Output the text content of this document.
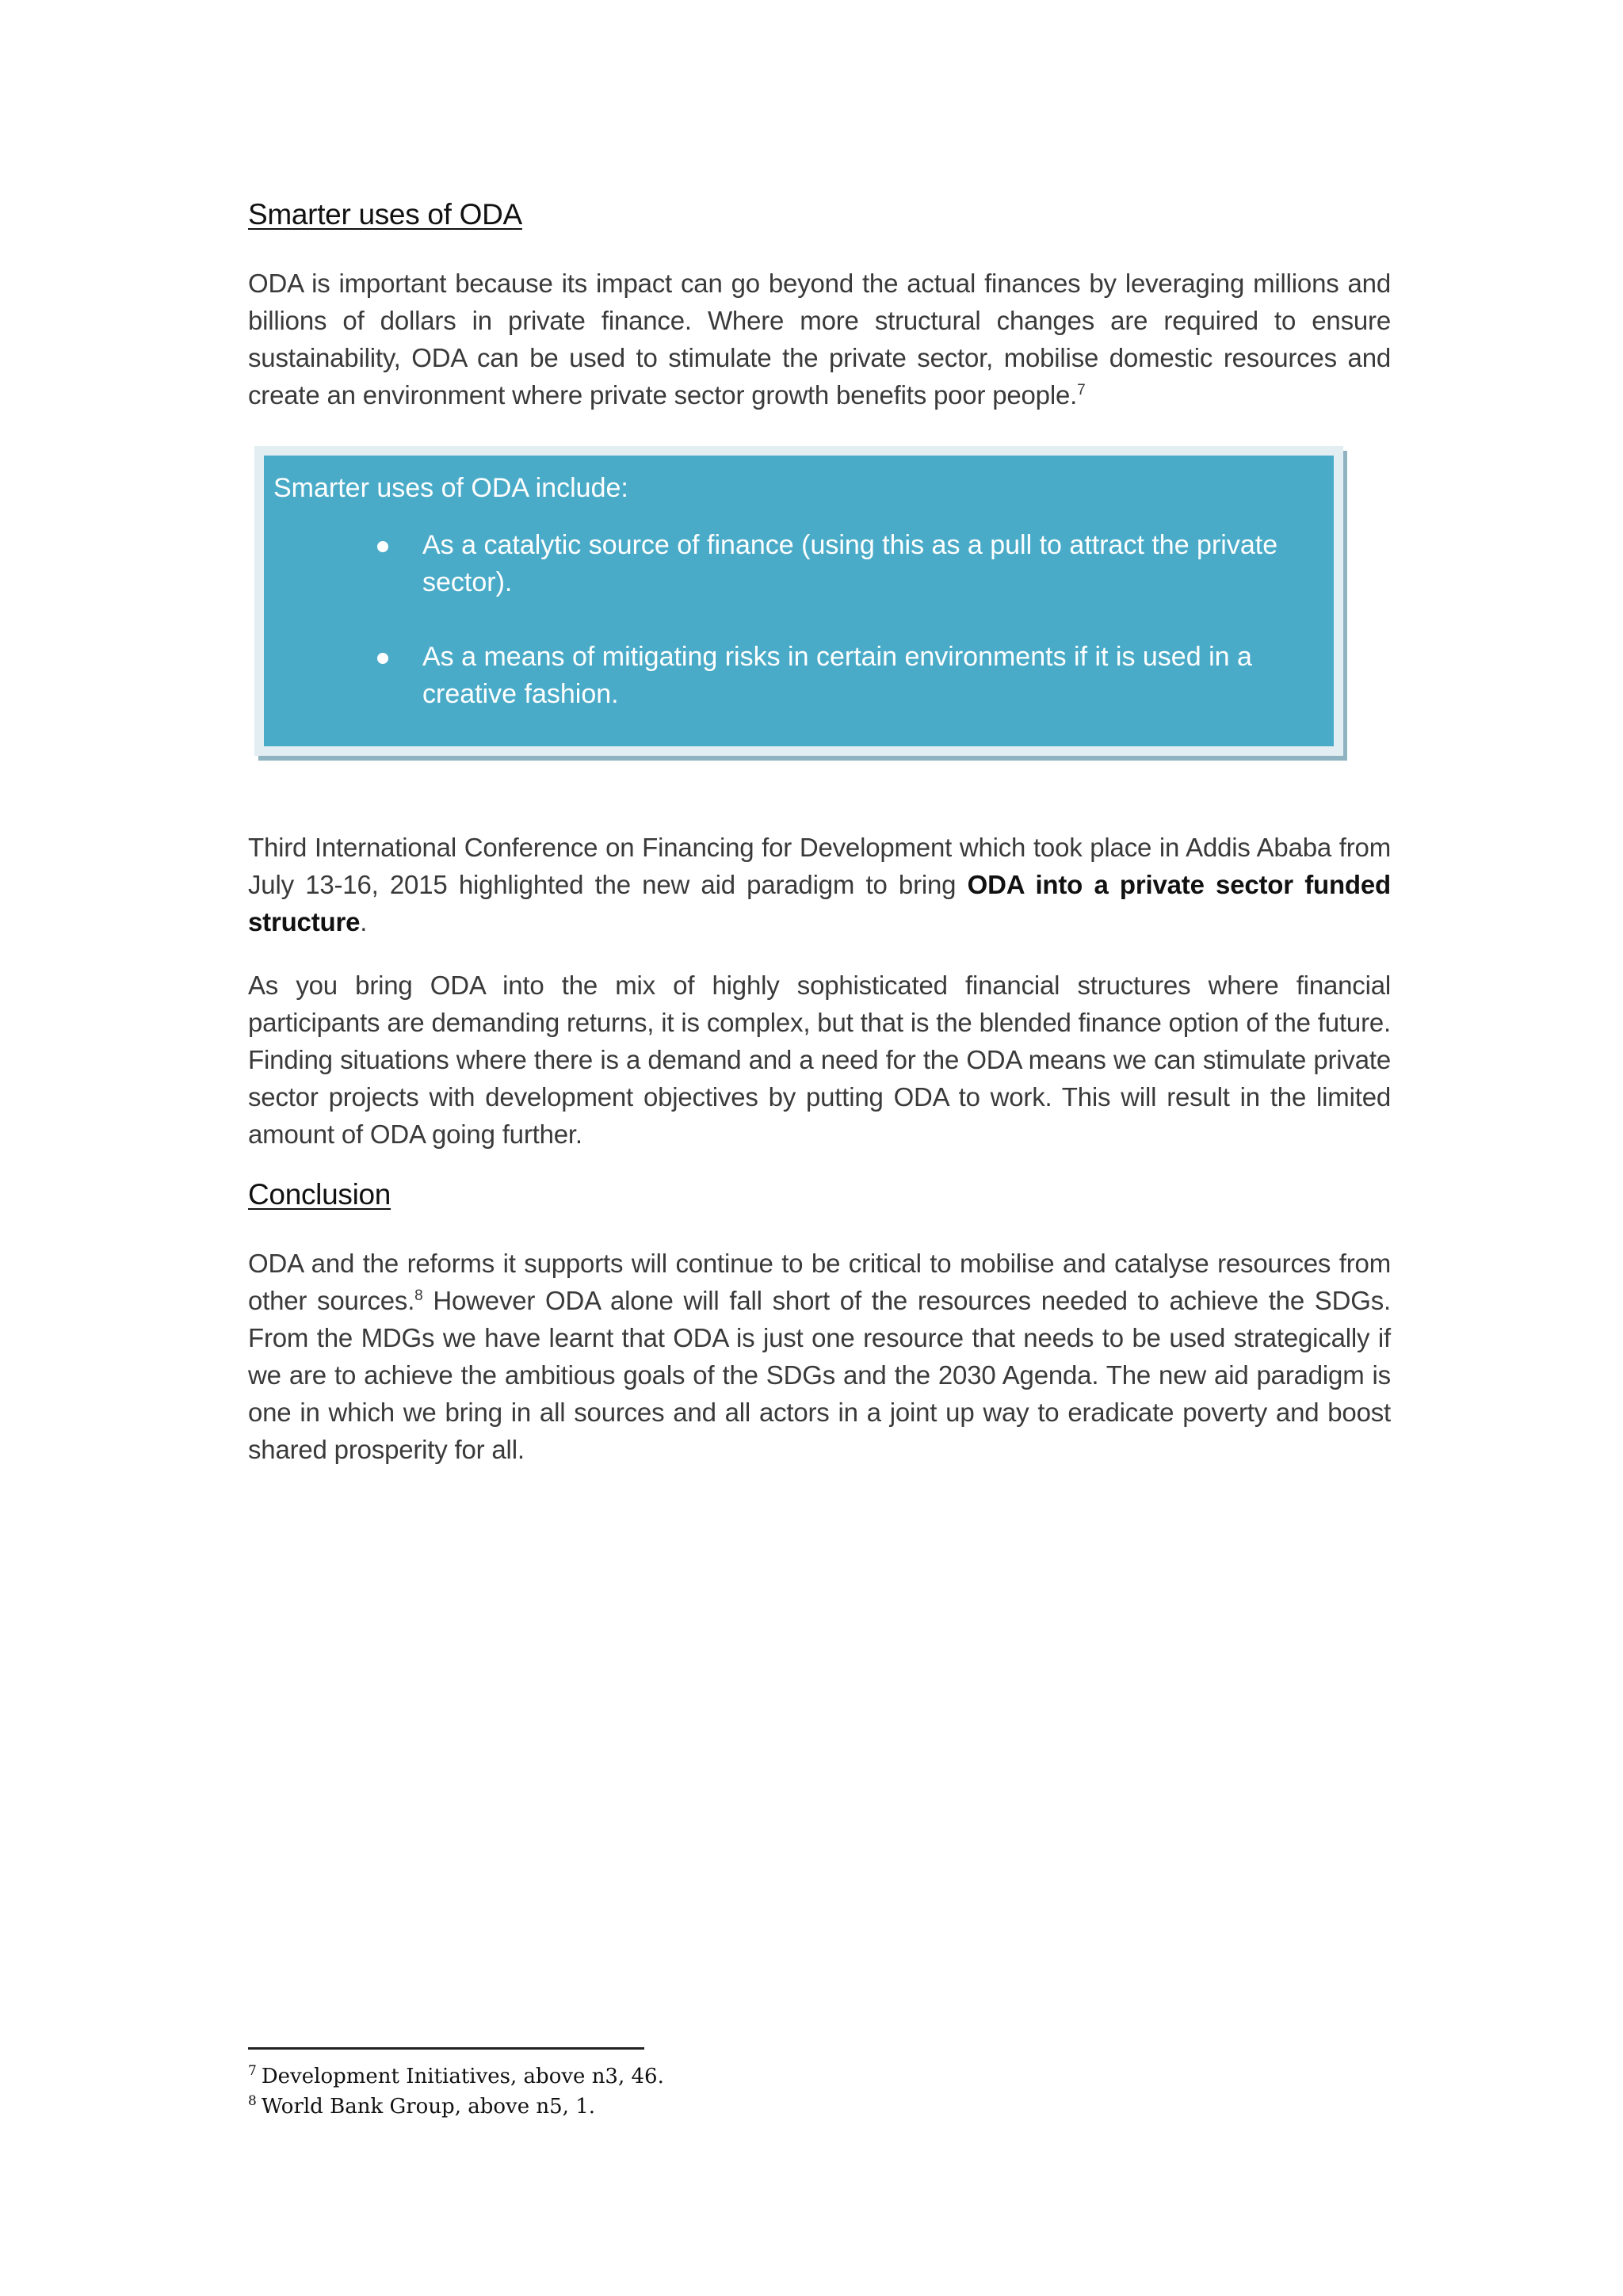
Smarter uses of ODA

ODA is important because its impact can go beyond the actual finances by leveraging millions and billions of dollars in private finance. Where more structural changes are required to ensure sustainability, ODA can be used to stimulate the private sector, mobilise domestic resources and create an environment where private sector growth benefits poor people.$^7$

Smarter uses of ODA include:

As a catalytic source of finance (using this as a pull to attract the private sector).
As a means of mitigating risks in certain environments if it is used in a creative fashion.

Third International Conference on Financing for Development which took place in Addis Ababa from July 13-16, 2015 highlighted the new aid paradigm to bring ODA into a private sector funded structure.

As you bring ODA into the mix of highly sophisticated financial structures where financial participants are demanding returns, it is complex, but that is the blended finance option of the future. Finding situations where there is a demand and a need for the ODA means we can stimulate private sector projects with development objectives by putting ODA to work. This will result in the limited amount of ODA going further.

Conclusion

ODA and the reforms it supports will continue to be critical to mobilise and catalyse resources from other sources.$^8$ However ODA alone will fall short of the resources needed to achieve the SDGs. From the MDGs we have learnt that ODA is just one resource that needs to be used strategically if we are to achieve the ambitious goals of the SDGs and the 2030 Agenda. The new aid paradigm is one in which we bring in all sources and all actors in a joint up way to eradicate poverty and boost shared prosperity for all.

$^7$ Development Initiatives, above n3, 46.

$^8$ World Bank Group, above n5, 1.
